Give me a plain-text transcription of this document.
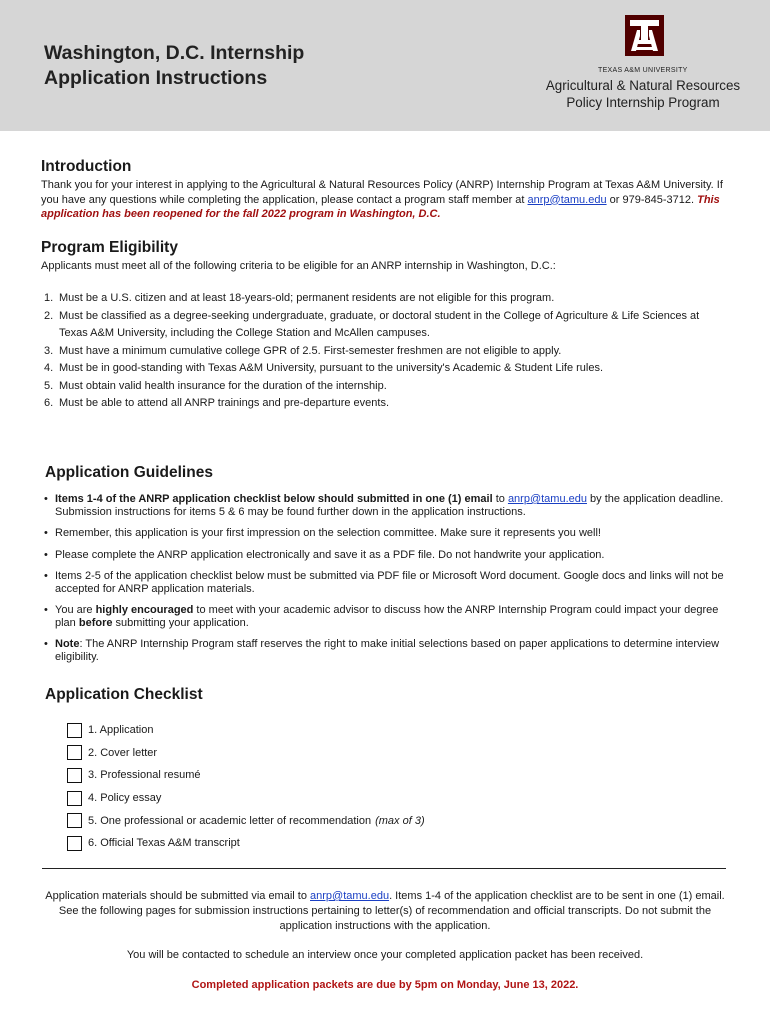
Washington, D.C. Internship
Application Instructions	TEXAS A&M UNIVERSITY
Agricultural & Natural Resources
Policy Internship Program
Introduction
Thank you for your interest in applying to the Agricultural & Natural Resources Policy (ANRP) Internship Program at Texas A&M University. If you have any questions while completing the application, please contact a program staff member at anrp@tamu.edu or 979-845-3712. This application has been reopened for the fall 2022 program in Washington, D.C.
Program Eligibility
Applicants must meet all of the following criteria to be eligible for an ANRP internship in Washington, D.C.:
1. Must be a U.S. citizen and at least 18-years-old; permanent residents are not eligible for this program.
2. Must be classified as a degree-seeking undergraduate, graduate, or doctoral student in the College of Agriculture & Life Sciences at Texas A&M University, including the College Station and McAllen campuses.
3. Must have a minimum cumulative college GPR of 2.5. First-semester freshmen are not eligible to apply.
4. Must be in good-standing with Texas A&M University, pursuant to the university's Academic & Student Life rules.
5. Must obtain valid health insurance for the duration of the internship.
6. Must be able to attend all ANRP trainings and pre-departure events.
Application Guidelines
• Items 1-4 of the ANRP application checklist below should submitted in one (1) email to anrp@tamu.edu by the application deadline. Submission instructions for items 5 & 6 may be found further down in the application instructions.
• Remember, this application is your first impression on the selection committee. Make sure it represents you well!
• Please complete the ANRP application electronically and save it as a PDF file. Do not handwrite your application.
• Items 2-5 of the application checklist below must be submitted via PDF file or Microsoft Word document. Google docs and links will not be accepted for ANRP application materials.
• You are highly encouraged to meet with your academic advisor to discuss how the ANRP Internship Program could impact your degree plan before submitting your application.
• Note: The ANRP Internship Program staff reserves the right to make initial selections based on paper applications to determine interview eligibility.
Application Checklist
1. Application
2. Cover letter
3. Professional resumé
4. Policy essay
5. One professional or academic letter of recommendation (max of 3)
6. Official Texas A&M transcript
Application materials should be submitted via email to anrp@tamu.edu. Items 1-4 of the application checklist are to be sent in one (1) email. See the following pages for submission instructions pertaining to letter(s) of recommendation and official transcripts. Do not submit the application instructions with the application.
You will be contacted to schedule an interview once your completed application packet has been received.
Completed application packets are due by 5pm on Monday, June 13, 2022.
